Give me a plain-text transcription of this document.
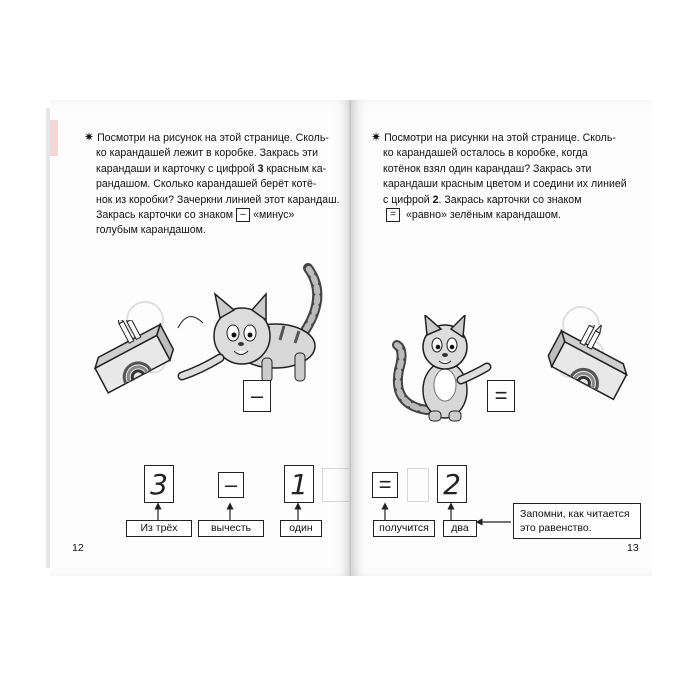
✷ Посмотри на рисунок на этой странице. Сколь-
ко карандашей лежит в коробке. Закрась эти
карандаши и карточку с цифрой 3 красным ка-
рандашом. Сколько карандашей берёт котё-
нок из коробки? Зачеркни линией этот карандаш.
Закрась карточки со знаком – «минус»
голубым карандашом.
–
3	– 1
Из трёх	вычесть	один
12
✷ Посмотри на рисунки на этой странице. Сколь-
ко карандашей осталось в коробке, когда
котёнок взял один карандаш? Закрась эти
карандаши красным цветом и соедини их линией
с цифрой 2. Закрась карточки со знаком
= «равно» зелёным карандашом.
=
= 2
получится	два
Запомни, как читается это равенство.
13
